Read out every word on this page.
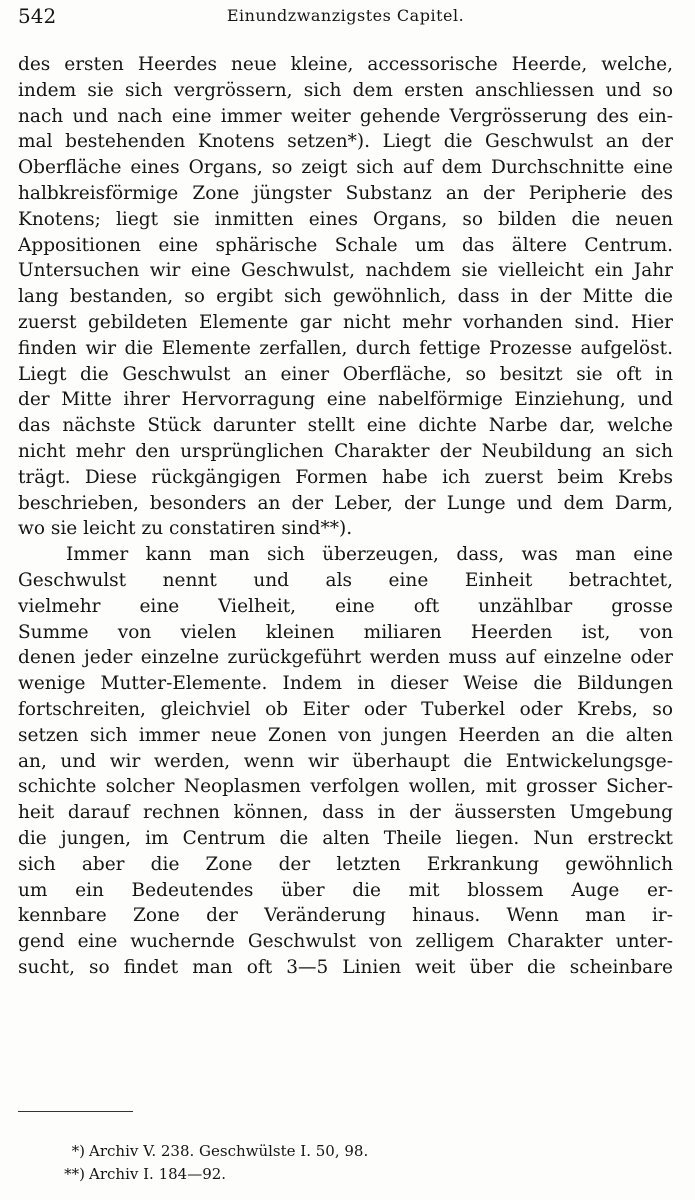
542	Einundzwanzigstes Capitel.
des ersten Heerdes neue kleine, accessorische Heerde, welche,
indem sie sich vergrössern, sich dem ersten anschliessen und so
nach und nach eine immer weiter gehende Vergrösserung des ein-
mal bestehenden Knotens setzen*). Liegt die Geschwulst an der
Oberfläche eines Organs, so zeigt sich auf dem Durchschnitte eine
halbkreisförmige Zone jüngster Substanz an der Peripherie des
Knotens; liegt sie inmitten eines Organs, so bilden die neuen
Appositionen eine sphärische Schale um das ältere Centrum.
Untersuchen wir eine Geschwulst, nachdem sie vielleicht ein Jahr
lang bestanden, so ergibt sich gewöhnlich, dass in der Mitte die
zuerst gebildeten Elemente gar nicht mehr vorhanden sind. Hier
finden wir die Elemente zerfallen, durch fettige Prozesse aufgelöst.
Liegt die Geschwulst an einer Oberfläche, so besitzt sie oft in
der Mitte ihrer Hervorragung eine nabelförmige Einziehung, und
das nächste Stück darunter stellt eine dichte Narbe dar, welche
nicht mehr den ursprünglichen Charakter der Neubildung an sich
trägt. Diese rückgängigen Formen habe ich zuerst beim Krebs
beschrieben, besonders an der Leber, der Lunge und dem Darm,
wo sie leicht zu constatiren sind**).
Immer kann man sich überzeugen, dass, was man eine
Geschwulst nennt und als eine Einheit betrachtet,
vielmehr eine Vielheit, eine oft unzählbar grosse
Summe von vielen kleinen miliaren Heerden ist, von
denen jeder einzelne zurückgeführt werden muss auf einzelne oder
wenige Mutter-Elemente. Indem in dieser Weise die Bildungen
fortschreiten, gleichviel ob Eiter oder Tuberkel oder Krebs, so
setzen sich immer neue Zonen von jungen Heerden an die alten
an, und wir werden, wenn wir überhaupt die Entwickelungsge-
schichte solcher Neoplasmen verfolgen wollen, mit grosser Sicher-
heit darauf rechnen können, dass in der äussersten Umgebung
die jungen, im Centrum die alten Theile liegen. Nun erstreckt
sich aber die Zone der letzten Erkrankung gewöhnlich
um ein Bedeutendes über die mit blossem Auge er-
kennbare Zone der Veränderung hinaus. Wenn man ir-
gend eine wuchernde Geschwulst von zelligem Charakter unter-
sucht, so findet man oft 3—5 Linien weit über die scheinbare
*) Archiv V. 238. Geschwülste I. 50, 98.
**) Archiv I. 184—92.
